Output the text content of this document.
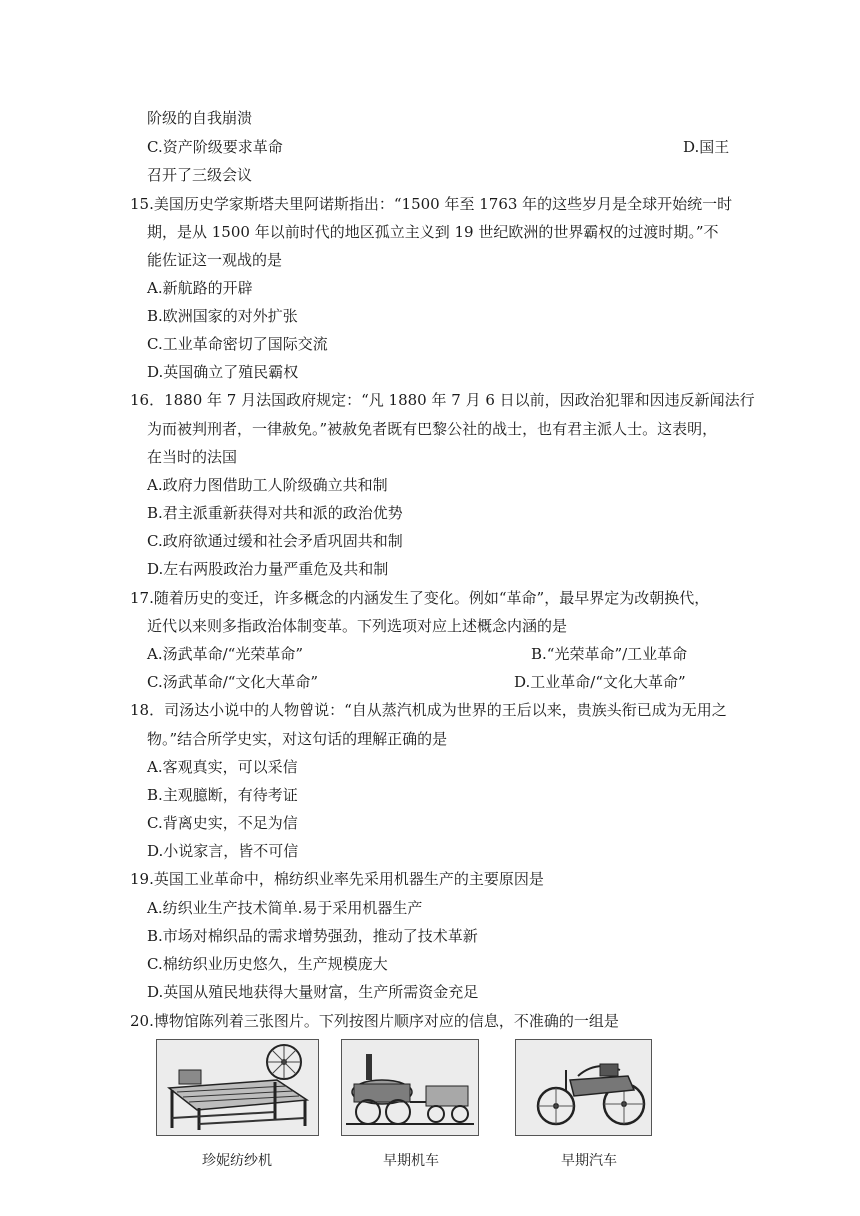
阶级的自我崩溃
C.资产阶级要求革命	D.国王
召开了三级会议
15.美国历史学家斯塔夫里阿诺斯指出：“1500 年至 1763 年的这些岁月是全球开始统一时
期，是从 1500 年以前时代的地区孤立主义到 19 世纪欧洲的世界霸权的过渡时期。”不
能佐证这一观战的是
A.新航路的开辟
B.欧洲国家的对外扩张
C.工业革命密切了国际交流
D.英国确立了殖民霸权
16．1880 年 7 月法国政府规定：“凡 1880 年 7 月 6 日以前，因政治犯罪和因违反新闻法行
为而被判刑者，一律赦免。”被赦免者既有巴黎公社的战士，也有君主派人士。这表明，
在当时的法国
A.政府力图借助工人阶级确立共和制
B.君主派重新获得对共和派的政治优势
C.政府欲通过缓和社会矛盾巩固共和制
D.左右两股政治力量严重危及共和制
17.随着历史的变迁，许多概念的内涵发生了变化。例如“革命”，最早界定为改朝换代，
近代以来则多指政治体制变革。下列选项对应上述概念内涵的是
A.汤武革命/“光荣革命”	B.“光荣革命”/工业革命
C.汤武革命/“文化大革命”	D.工业革命/“文化大革命”
18．司汤达小说中的人物曾说：“自从蒸汽机成为世界的王后以来，贵族头衔已成为无用之
物。”结合所学史实，对这句话的理解正确的是
A.客观真实，可以采信
B.主观臆断，有待考证
C.背离史实，不足为信
D.小说家言，皆不可信
19.英国工业革命中，棉纺织业率先采用机器生产的主要原因是
A.纺织业生产技术简单.易于采用机器生产
B.市场对棉织品的需求增势强劲，推动了技术革新
C.棉纺织业历史悠久，生产规模庞大
D.英国从殖民地获得大量财富，生产所需资金充足
20.博物馆陈列着三张图片。下列按图片顺序对应的信息，不准确的一组是
珍妮纺纱机	早期机车	早期汽车
